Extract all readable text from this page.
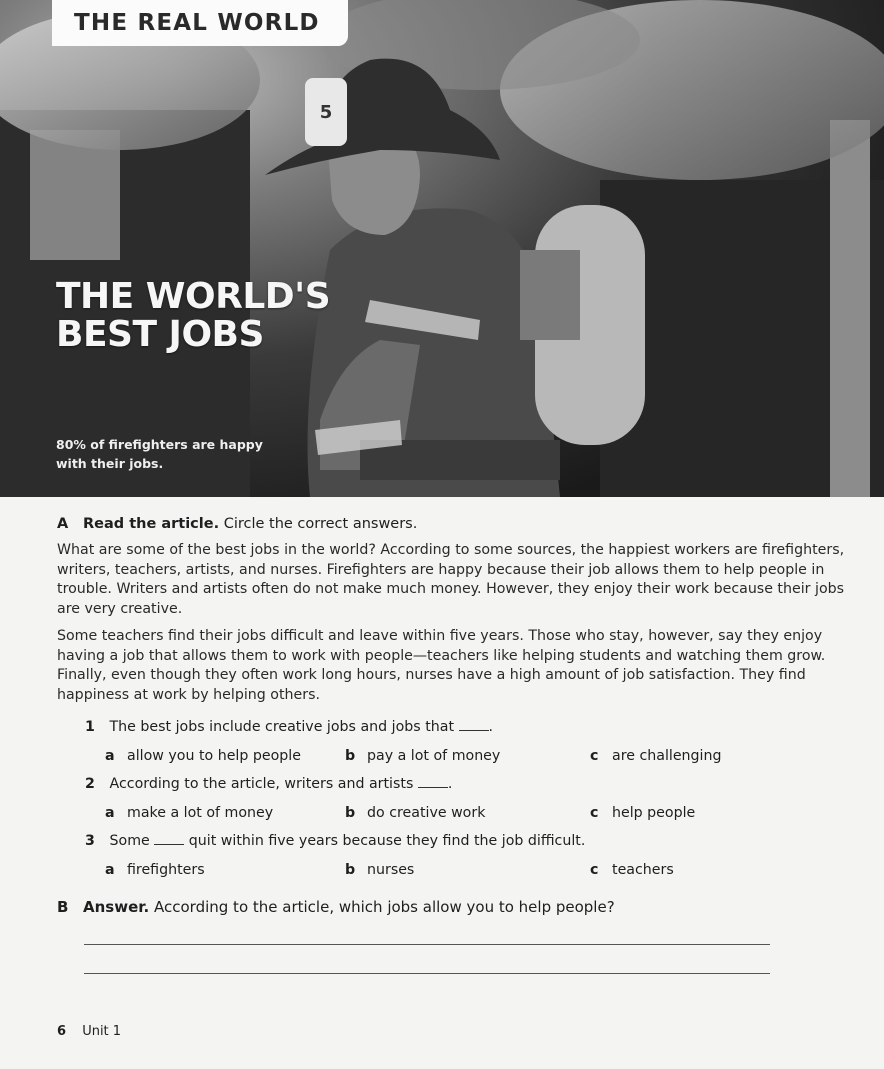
5
THE REAL WORLD
THE WORLD'S
BEST JOBS
80% of firefighters are happy with their jobs.
A Read the article. Circle the correct answers.

What are some of the best jobs in the world? According to some sources, the happiest workers are firefighters, writers, teachers, artists, and nurses. Firefighters are happy because their job allows them to help people in trouble. Writers and artists often do not make much money. However, they enjoy their work because their jobs are very creative.

Some teachers find their jobs difficult and leave within five years. Those who stay, however, say they enjoy having a job that allows them to work with people—teachers like helping students and watching them grow. Finally, even though they often work long hours, nurses have a high amount of job satisfaction. They find happiness at work by helping others.

1 The best jobs include creative jobs and jobs that .
a allow you to help people	b pay a lot of money	c are challenging
2 According to the article, writers and artists .
a make a lot of money	b do creative work	c help people
3 Some	quit within five years because they find the job difficult.
a firefighters	b nurses	c teachers
B Answer. According to the article, which jobs allow you to help people?
6 Unit 1
